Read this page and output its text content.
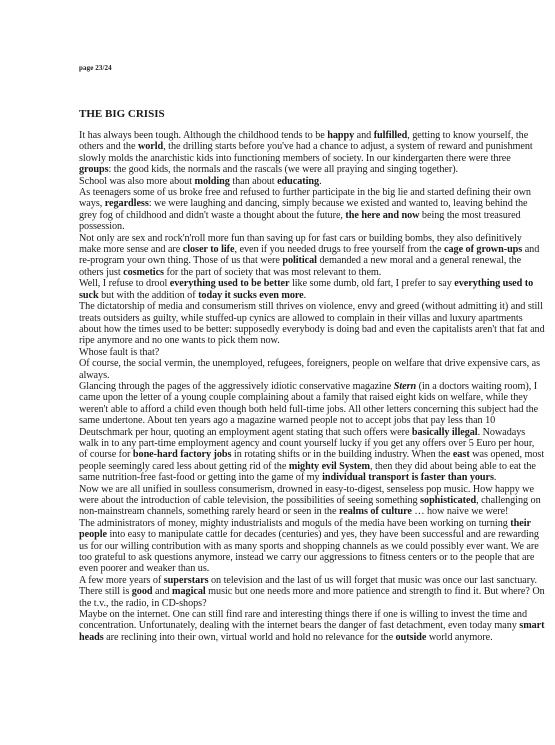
page 23/24
THE BIG CRISIS

It has always been tough. Although the childhood tends to be happy and fulfilled, getting to know yourself, the others and the world, the drilling starts before you've had a chance to adjust, a system of reward and punishment slowly molds the anarchistic kids into functioning members of society. In our kindergarten there were three groups: the good kids, the normals and the rascals (we were all praying and singing together).

School was also more about molding than about educating.

As teenagers some of us broke free and refused to further participate in the big lie and started defining their own ways, regardless: we were laughing and dancing, simply because we existed and wanted to, leaving behind the grey fog of childhood and didn't waste a thought about the future, the here and now being the most treasured possession.

Not only are sex and rock'n'roll more fun than saving up for fast cars or building bombs, they also definitively make more sense and are closer to life, even if you needed drugs to free yourself from the cage of grown-ups and re-program your own thing. Those of us that were political demanded a new moral and a general renewal, the others just cosmetics for the part of society that was most relevant to them.

Well, I refuse to drool everything used to be better like some dumb, old fart, I prefer to say everything used to suck but with the addition of today it sucks even more.

The dictatorship of media and consumerism still thrives on violence, envy and greed (without admitting it) and still treats outsiders as guilty, while stuffed-up cynics are allowed to complain in their villas and luxury apartments about how the times used to be better: supposedly everybody is doing bad and even the capitalists aren't that fat and ripe anymore and no one wants to pick them now.

Whose fault is that?

Of course, the social vermin, the unemployed, refugees, foreigners, people on welfare that drive expensive cars, as always.

Glancing through the pages of the aggressively idiotic conservative magazine Stern (in a doctors waiting room), I came upon the letter of a young couple complaining about a family that raised eight kids on welfare, while they weren't able to afford a child even though both held full-time jobs. All other letters concerning this subject had the same undertone. About ten years ago a magazine warned people not to accept jobs that pay less than 10 Deutschmark per hour, quoting an employment agent stating that such offers were basically illegal. Nowadays walk in to any part-time employment agency and count yourself lucky if you get any offers over 5 Euro per hour, of course for bone-hard factory jobs in rotating shifts or in the building industry. When the east was opened, most people seemingly cared less about getting rid of the mighty evil System, then they did about being able to eat the same nutrition-free fast-food or getting into the game of my individual transport is faster than yours.

Now we are all unified in soulless consumerism, drowned in easy-to-digest, senseless pop music. How happy we were about the introduction of cable television, the possibilities of seeing something sophisticated, challenging on non-mainstream channels, something rarely heard or seen in the realms of culture … how naive we were!

The administrators of money, mighty industrialists and moguls of the media have been working on turning their people into easy to manipulate cattle for decades (centuries) and yes, they have been successful and are rewarding us for our willing contribution with as many sports and shopping channels as we could possibly ever want. We are too grateful to ask questions anymore, instead we carry our aggressions to fitness centers or to the people that are even poorer and weaker than us.

A few more years of superstars on television and the last of us will forget that music was once our last sanctuary. There still is good and magical music but one needs more and more patience and strength to find it. But where? On the t.v., the radio, in CD-shops?

Maybe on the internet. One can still find rare and interesting things there if one is willing to invest the time and concentration. Unfortunately, dealing with the internet bears the danger of fast detachment, even today many smart heads are reclining into their own, virtual world and hold no relevance for the outside world anymore.
